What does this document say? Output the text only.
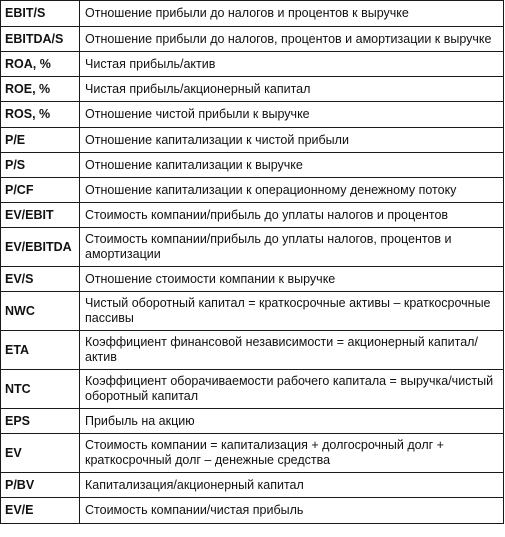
EBIT/S	Отношение прибыли до налогов и процентов к выручке
EBITDA/S	Отношение прибыли до налогов, процентов и амортизации к выручке
ROA, %	Чистая прибыль/актив
ROE, %	Чистая прибыль/акционерный капитал
ROS, %	Отношение чистой прибыли к выручке
P/E	Отношение капитализации к чистой прибыли
P/S	Отношение капитализации к выручке
P/CF	Отношение капитализации к операционному денежному потоку
EV/EBIT	Стоимость компании/прибыль до уплаты налогов и процентов
EV/EBITDA	Стоимость компании/прибыль до уплаты налогов, процентов и амортизации
EV/S	Отношение стоимости компании к выручке
NWC	Чистый оборотный капитал = краткосрочные активы – краткосрочные пассивы
ETA	Коэффициент финансовой независимости = акционерный капитал/актив
NTC	Коэффициент оборачиваемости рабочего капитала = выручка/чистый оборотный капитал
EPS	Прибыль на акцию
EV	Стоимость компании = капитализация + долгосрочный долг + краткосрочный долг – денежные средства
P/BV	Капитализация/акционерный капитал
EV/E	Стоимость компании/чистая прибыль
